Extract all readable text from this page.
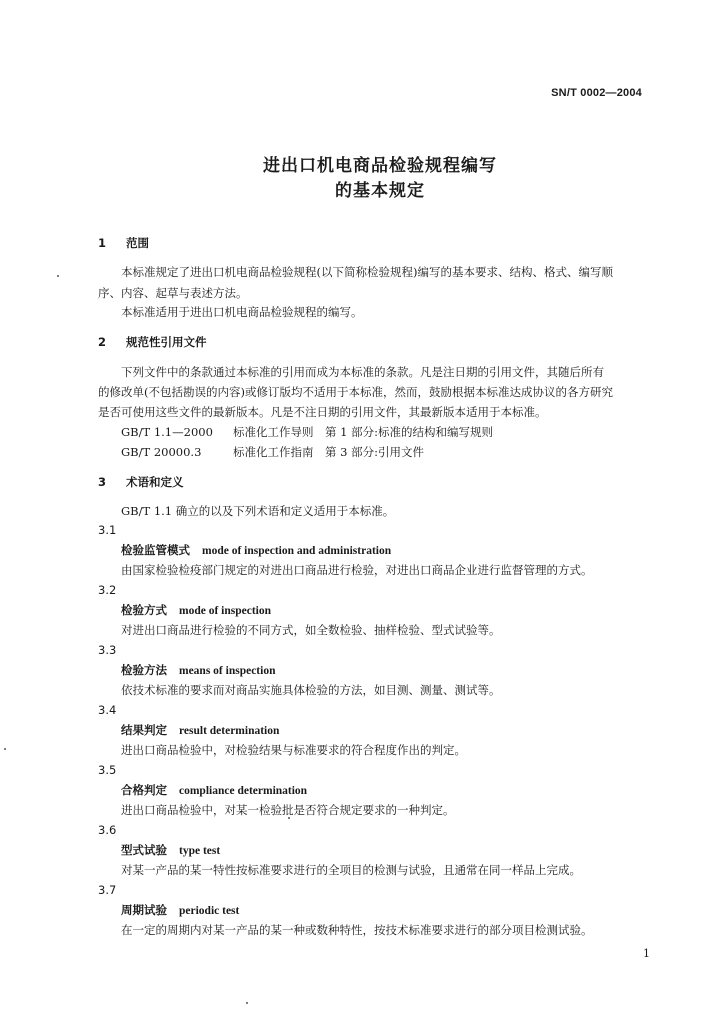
SN/T 0002—2004
进出口机电商品检验规程编写
的基本规定
1 范围
本标准规定了进出口机电商品检验规程(以下简称检验规程)编写的基本要求、结构、格式、编写顺
序、内容、起草与表述方法。
本标准适用于进出口机电商品检验规程的编写。
2 规范性引用文件
下列文件中的条款通过本标准的引用而成为本标准的条款。凡是注日期的引用文件，其随后所有
的修改单(不包括勘误的内容)或修订版均不适用于本标准，然而，鼓励根据本标准达成协议的各方研究
是否可使用这些文件的最新版本。凡是不注日期的引用文件，其最新版本适用于本标准。
GB/T 1.1—2000 标准化工作导则　第 1 部分:标准的结构和编写规则
GB/T 20000.3	标准化工作指南　第 3 部分:引用文件
3 术语和定义
GB/T 1.1 确立的以及下列术语和定义适用于本标准。
3.1
检验监管模式 mode of inspection and administration
由国家检验检疫部门规定的对进出口商品进行检验，对进出口商品企业进行监督管理的方式。
3.2
检验方式 mode of inspection
对进出口商品进行检验的不同方式，如全数检验、抽样检验、型式试验等。
3.3
检验方法 means of inspection
依技术标准的要求而对商品实施具体检验的方法，如目测、测量、测试等。
3.4
结果判定 result determination
进出口商品检验中，对检验结果与标准要求的符合程度作出的判定。
3.5
合格判定 compliance determination
进出口商品检验中，对某一检验批是否符合规定要求的一种判定。
3.6
型式试验 type test
对某一产品的某一特性按标准要求进行的全项目的检测与试验，且通常在同一样品上完成。
3.7
周期试验 periodic test
在一定的周期内对某一产品的某一种或数种特性，按技术标准要求进行的部分项目检测试验。
1
